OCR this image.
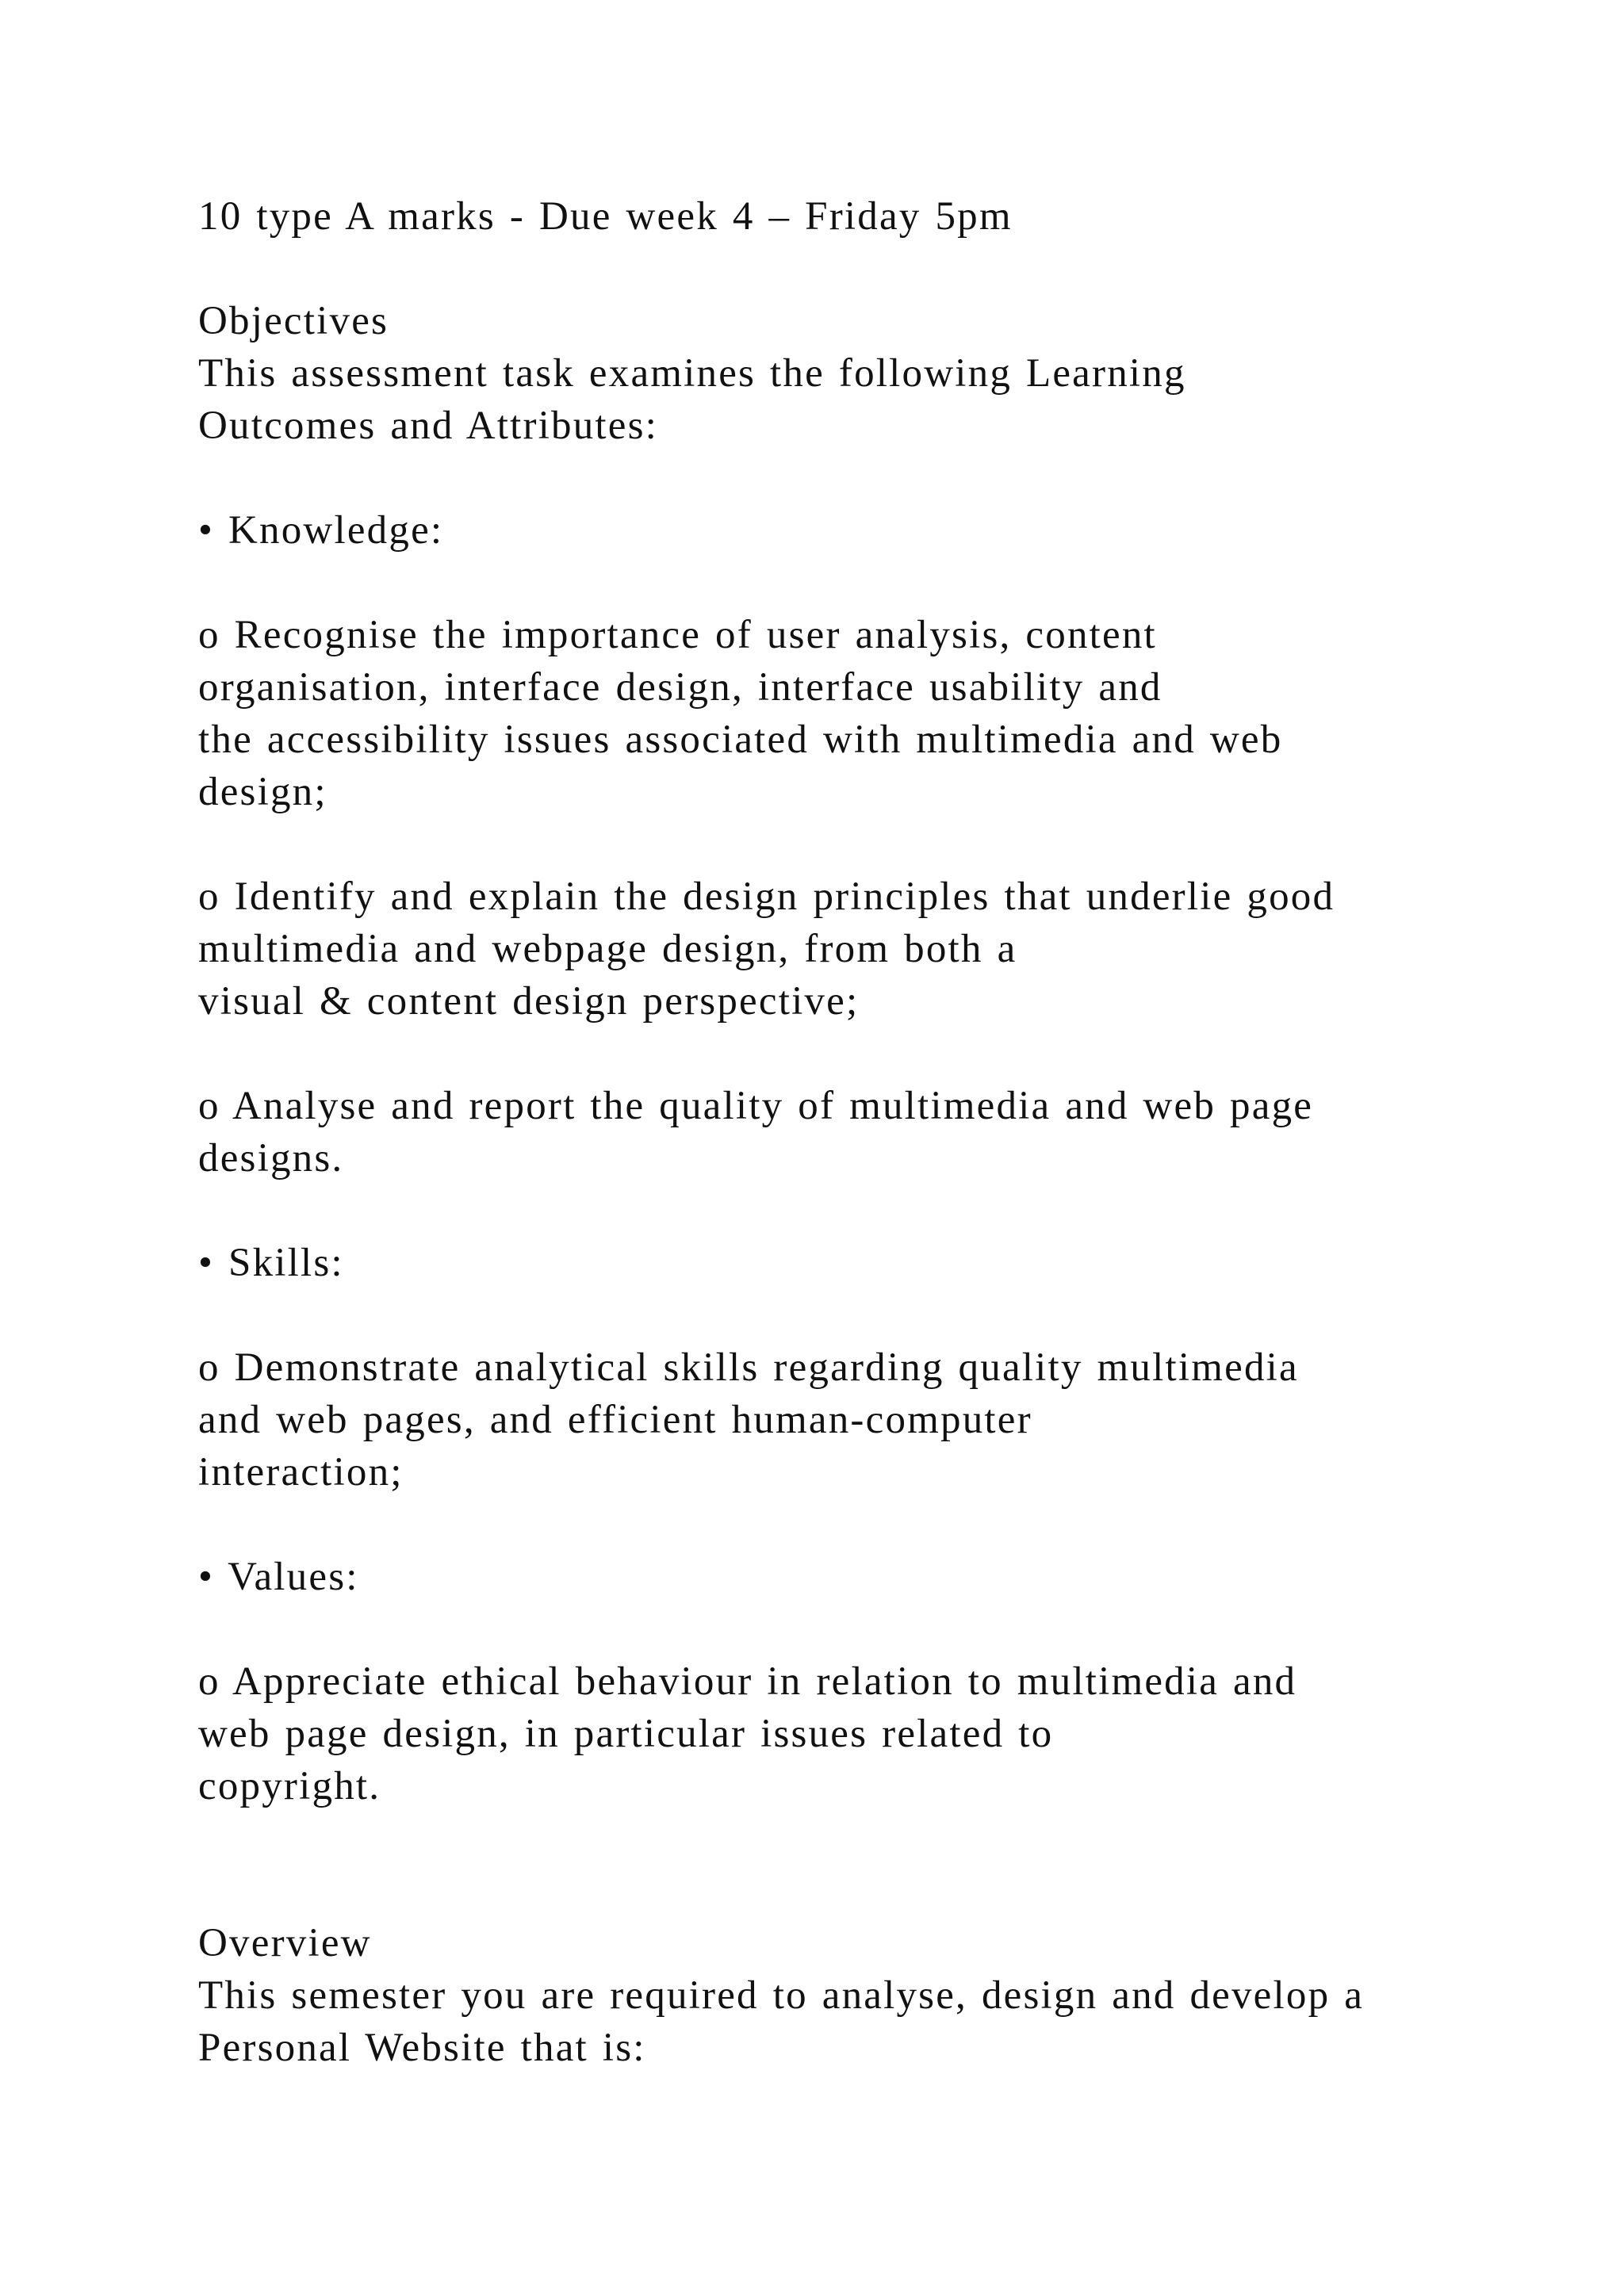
10 type A marks - Due week 4 – Friday 5pm
Objectives
This assessment task examines the following Learning
Outcomes and Attributes:
• Knowledge:
o Recognise the importance of user analysis, content
organisation, interface design, interface usability and
the accessibility issues associated with multimedia and web
design;
o Identify and explain the design principles that underlie good
multimedia and webpage design, from both a
visual & content design perspective;
o Analyse and report the quality of multimedia and web page
designs.
• Skills:
o Demonstrate analytical skills regarding quality multimedia
and web pages, and efficient human-computer
interaction;
• Values:
o Appreciate ethical behaviour in relation to multimedia and
web page design, in particular issues related to
copyright.
Overview
This semester you are required to analyse, design and develop a
Personal Website that is:
